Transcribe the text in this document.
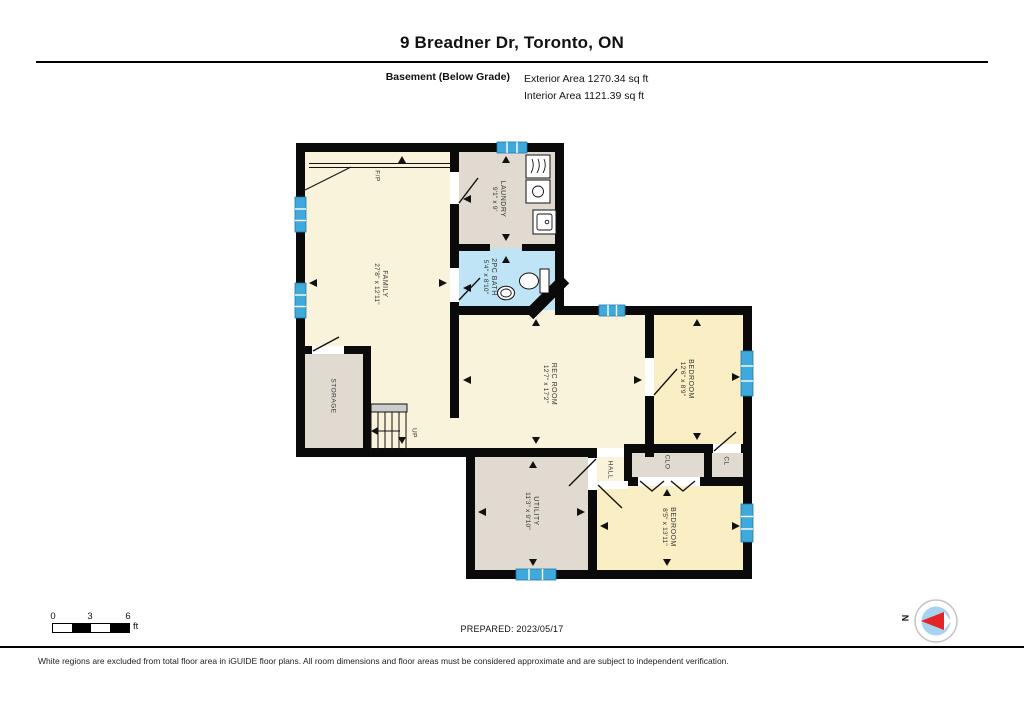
9 Breadner Dr, Toronto, ON
Basement (Below Grade) Exterior Area 1270.34 sq ft
Interior Area 1121.39 sq ft
FAMILY
27'8" x 12'11"
LAUNDRY
9'1" x 9'
2PC BATH
5'4" x 8'10"
REC ROOM
12'7" x 17'2"	BEDROOM
12'6" x 8'9"
UTILITY
11'3" x 9'10"	BEDROOM
8'5" x 13'11"
STORAGE
HALL	CLO	CL
UP
F/P
0	3	6
ft	PREPARED: 2023/05/17
N
White regions are excluded from total floor area in iGUIDE floor plans. All room dimensions and floor areas must be considered approximate and are subject to independent verification.
